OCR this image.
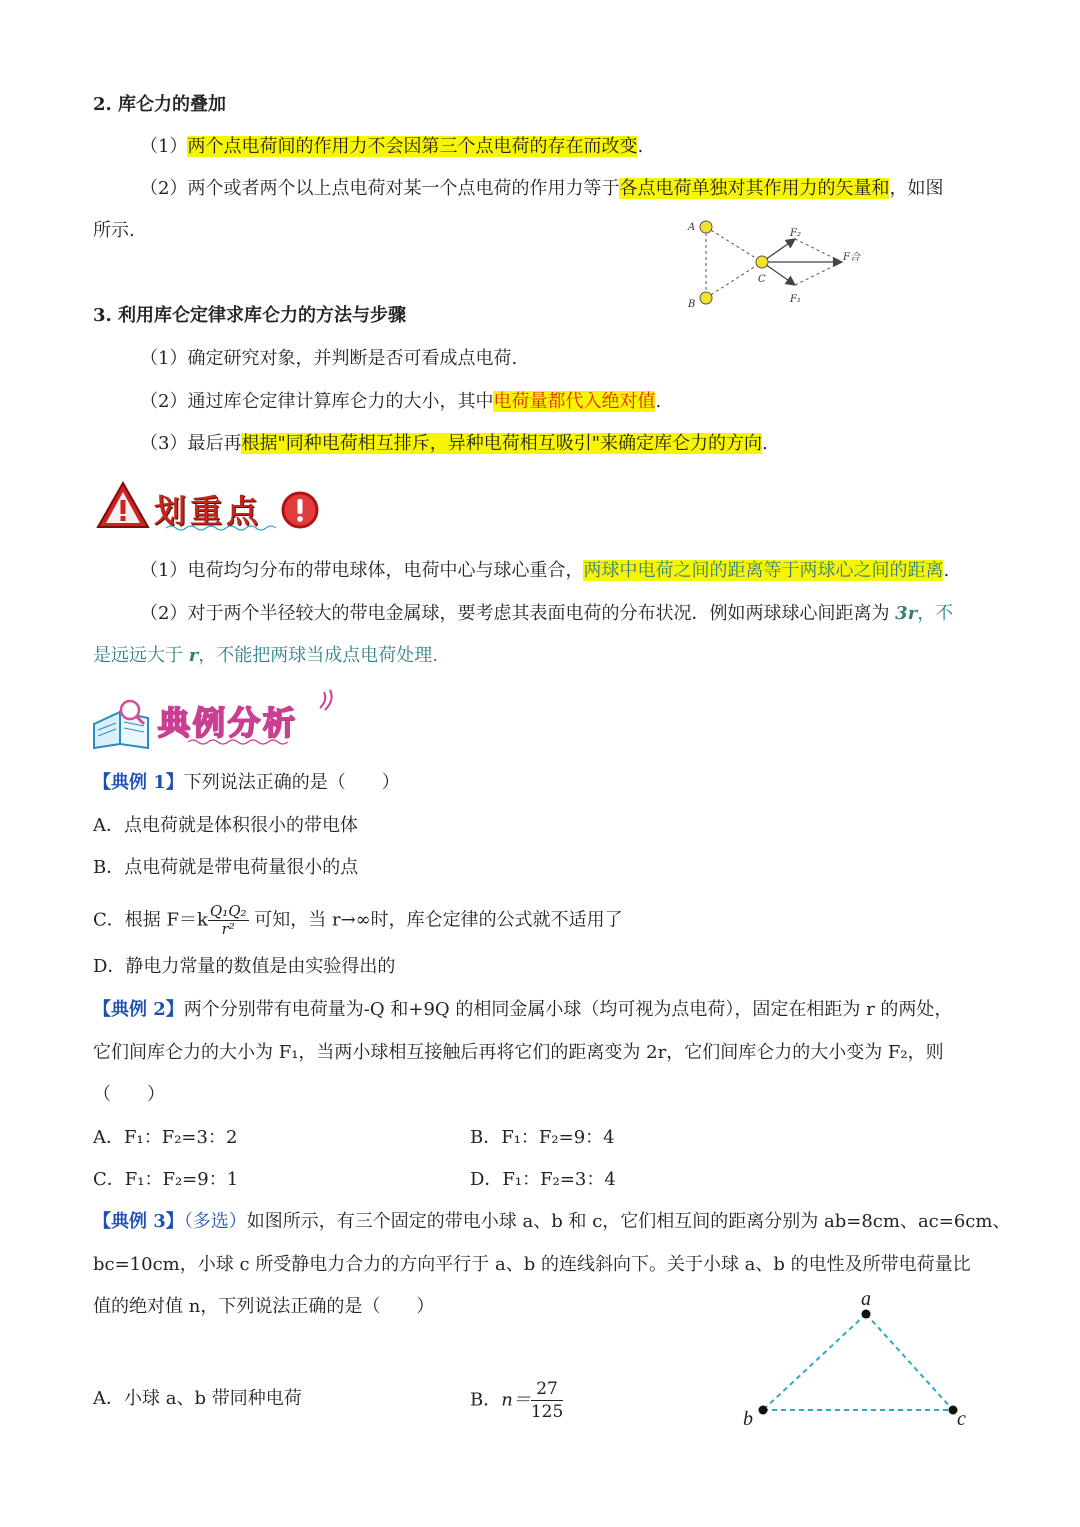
2. 库仑力的叠加
（1）两个点电荷间的作用力不会因第三个点电荷的存在而改变.
（2）两个或者两个以上点电荷对某一个点电荷的作用力等于各点电荷单独对其作用力的矢量和，如图
所示.	A
B
C
F₂
F₁
F合
3. 利用库仑定律求库仑力的方法与步骤
（1）确定研究对象，并判断是否可看成点电荷.
（2）通过库仑定律计算库仑力的大小，其中电荷量都代入绝对值.
（3）最后再根据"同种电荷相互排斥，异种电荷相互吸引"来确定库仑力的方向.
划重点
（1）电荷均匀分布的带电球体，电荷中心与球心重合，两球中电荷之间的距离等于两球心之间的距离.
（2）对于两个半径较大的带电金属球，要考虑其表面电荷的分布状况．例如两球球心间距离为 3r，不
是远远大于 r，不能把两球当成点电荷处理.
典例分析
【典例 1】下列说法正确的是（　　）
A．点电荷就是体积很小的带电体
B．点电荷就是带电荷量很小的点
C．根据 $F=k \frac{\text{Q₁Q₂}}{\text{r²}}$ 可知，当 r→∞时，库仑定律的公式就不适用了
D．静电力常量的数值是由实验得出的
【典例 2】两个分别带有电荷量为-Q 和+9Q 的相同金属小球（均可视为点电荷），固定在相距为 r 的两处，
它们间库仑力的大小为 F₁，当两小球相互接触后再将它们的距离变为 2r，它们间库仑力的大小变为 F₂，则
（　　）
A．F₁：F₂=3：2	B．F₁：F₂=9：4
C．F₁：F₂=9：1	D．F₁：F₂=3：4
【典例 3】（多选）如图所示，有三个固定的带电小球 a、b 和 c，它们相互间的距离分别为 ab=8cm、ac=6cm、
bc=10cm，小球 c 所受静电力合力的方向平行于 a、b 的连线斜向下。关于小球 a、b 的电性及所带电荷量比
值的绝对值 n，下列说法正确的是（　　）
A．小球 a、b 带同种电荷	B．$n= \frac{27}{125}$
a
b	c
